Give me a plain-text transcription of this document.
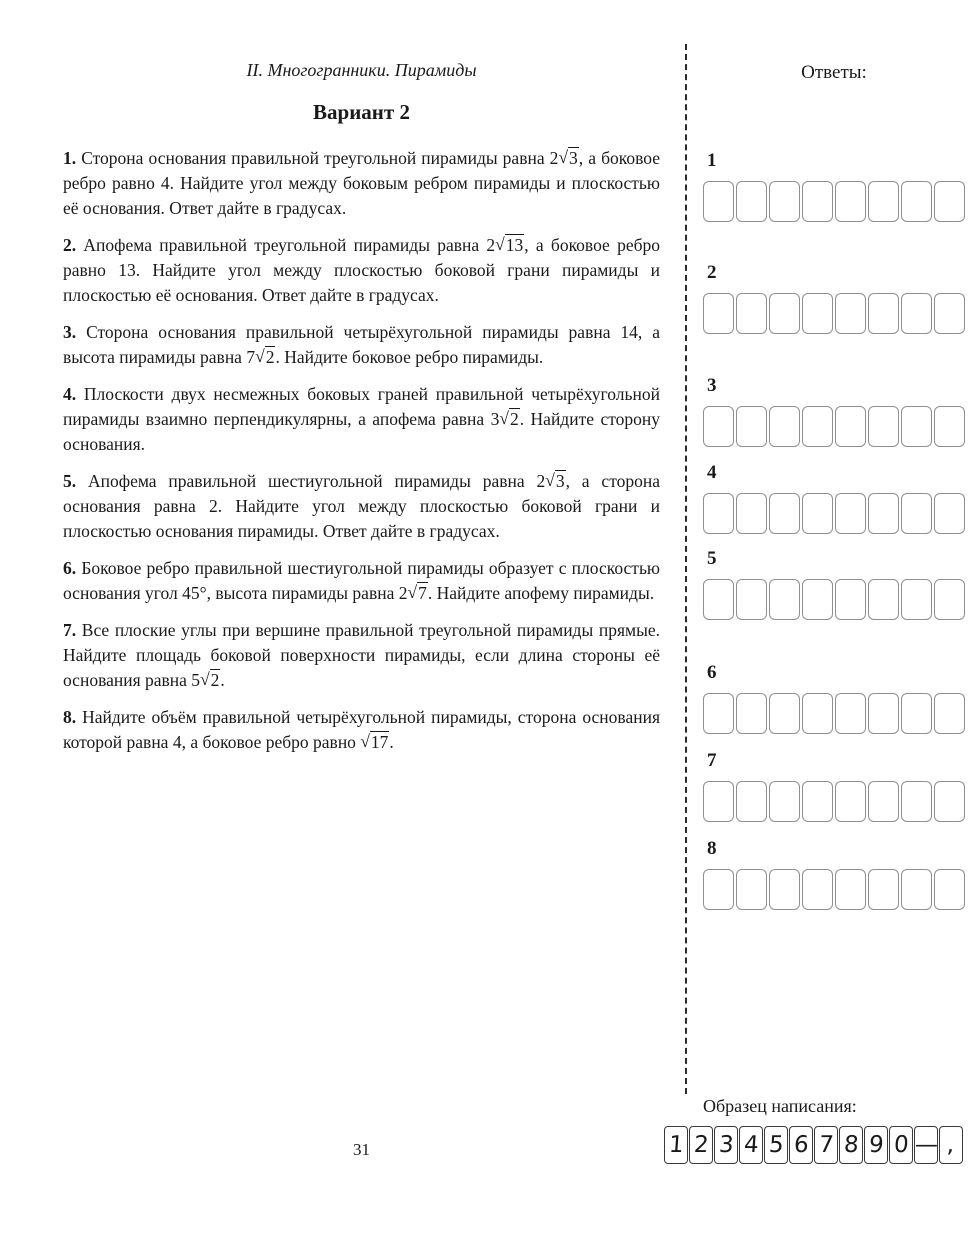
II. Многогранники. Пирамиды
Вариант 2

1. Сторона основания правильной треугольной пирамиды равна 2√3, а боковое ребро равно 4. Найдите угол между боковым ребром пирамиды и плоскостью её основания. Ответ дайте в градусах.

2. Апофема правильной треугольной пирамиды равна 2√13, а боковое ребро равно 13. Найдите угол между плоскостью боковой грани пирамиды и плоскостью её основания. Ответ дайте в градусах.

3. Сторона основания правильной четырёхугольной пирамиды равна 14, а высота пирамиды равна 7√2. Найдите боковое ребро пирамиды.

4. Плоскости двух несмежных боковых граней правильной четырёхугольной пирамиды взаимно перпендикулярны, а апофема равна 3√2. Найдите сторону основания.

5. Апофема правильной шестиугольной пирамиды равна 2√3, а сторона основания равна 2. Найдите угол между плоскостью боковой грани и плоскостью основания пирамиды. Ответ дайте в градусах.

6. Боковое ребро правильной шестиугольной пирамиды образует с плоскостью основания угол 45°, высота пирамиды равна 2√7. Найдите апофему пирамиды.

7. Все плоские углы при вершине правильной треугольной пирамиды прямые. Найдите площадь боковой поверхности пирамиды, если длина стороны её основания равна 5√2.

8. Найдите объём правильной четырёхугольной пирамиды, сторона основания которой равна 4, а боковое ребро равно √17.

31
Ответы:
1
2
3
4
5
6
7
8
Образец написания:
1 2 3 4 5 6 7 8 9 0 — ,
